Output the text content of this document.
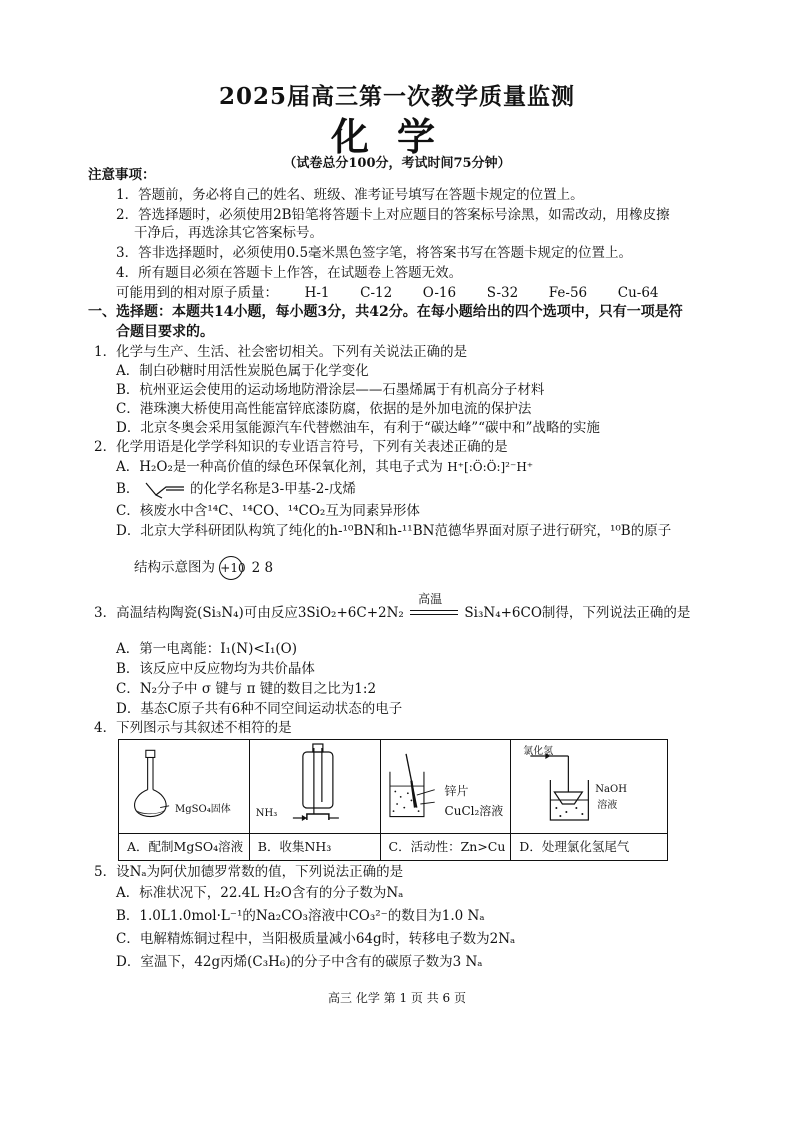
2025届高三第一次教学质量监测
化学
（试卷总分100分，考试时间75分钟）
注意事项：
1．答题前，务必将自己的姓名、班级、准考证号填写在答题卡规定的位置上。
2．答选择题时，必须使用2B铅笔将答题卡上对应题目的答案标号涂黑，如需改动，用橡皮擦
干净后，再选涂其它答案标号。
3．答非选择题时，必须使用0.5毫米黑色签字笔，将答案书写在答题卡规定的位置上。
4．所有题目必须在答题卡上作答，在试题卷上答题无效。
可能用到的相对原子质量： H-1 C-12 O-16 S-32 Fe-56 Cu-64
一、选择题：本题共14小题，每小题3分，共42分。在每小题给出的四个选项中，只有一项是符
合题目要求的。
1．化学与生产、生活、社会密切相关。下列有关说法正确的是
A．制白砂糖时用活性炭脱色属于化学变化
B．杭州亚运会使用的运动场地防滑涂层——石墨烯属于有机高分子材料
C．港珠澳大桥使用高性能富锌底漆防腐，依据的是外加电流的保护法
D．北京冬奥会采用氢能源汽车代替燃油车，有利于“碳达峰”“碳中和”战略的实施
2．化学用语是化学学科知识的专业语言符号，下列有关表述正确的是
A．H₂O₂是一种高价值的绿色环保氧化剂，其电子式为 H⁺[:Ö:Ö:]²⁻H⁺
B．	的化学名称是3-甲基-2-戊烯
C．核废水中含¹⁴C、¹⁴CO、¹⁴CO₂互为同素异形体
D．北京大学科研团队构筑了纯化的h-¹⁰BN和h-¹¹BN范德华界面对原子进行研究，¹⁰B的原子
结构示意图为 +10 2 8
3．高温结构陶瓷(Si₃N₄)可由反应3SiO₂+6C+2N₂
高温
Si₃N₄+6CO制得，下列说法正确的是
A．第一电离能：I₁(N)<I₁(O)
B．该反应中反应物均为共价晶体
C．N₂分子中 σ 键与 π 键的数目之比为1:2
D．基态C原子共有6种不同空间运动状态的电子
4．下列图示与其叙述不相符的是
MgSO₄固体
A．配制MgSO₄溶液
NH₃
B．收集NH₃
锌片
CuCl₂溶液
C．活动性：Zn>Cu
氯化氢
NaOH
溶液
D．处理氯化氢尾气
5．设Nₐ为阿伏加德罗常数的值，下列说法正确的是
A．标准状况下，22.4L H₂O含有的分子数为Nₐ
B．1.0L1.0mol·L⁻¹的Na₂CO₃溶液中CO₃²⁻的数目为1.0 Nₐ
C．电解精炼铜过程中，当阳极质量减小64g时，转移电子数为2Nₐ
D．室温下，42g丙烯(C₃H₆)的分子中含有的碳原子数为3 Nₐ
高三 化学 第 1 页 共 6 页
